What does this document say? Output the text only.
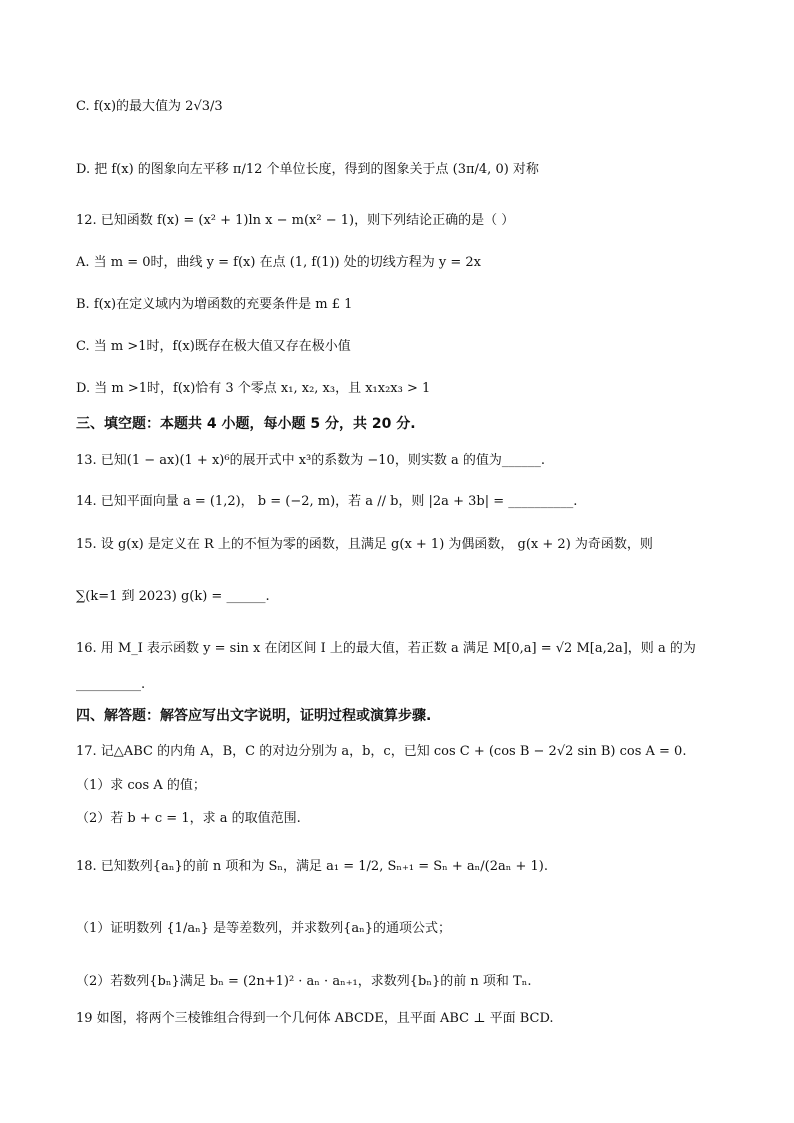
C. f(x)的最大值为 2√3/3
D. 把 f(x) 的图象向左平移 π/12 个单位长度，得到的图象关于点 (3π/4, 0) 对称
12. 已知函数 f(x) = (x² + 1)ln x − m(x² − 1)，则下列结论正确的是（ ）
A. 当 m = 0时，曲线 y = f(x) 在点 (1, f(1)) 处的切线方程为 y = 2x
B. f(x)在定义域内为增函数的充要条件是 m £ 1
C. 当 m >1时，f(x)既存在极大值又存在极小值
D. 当 m >1时，f(x)恰有 3 个零点 x₁, x₂, x₃，且 x₁x₂x₃ > 1
三、填空题：本题共 4 小题，每小题 5 分，共 20 分.
13. 已知(1 − ax)(1 + x)⁶的展开式中 x³的系数为 −10，则实数 a 的值为______.
14. 已知平面向量 a = (1,2)， b = (−2, m)，若 a // b，则 |2a + 3b| = __________.
15. 设 g(x) 是定义在 R 上的不恒为零的函数，且满足 g(x + 1) 为偶函数， g(x + 2) 为奇函数，则
∑(k=1 到 2023) g(k) = ______.
16. 用 M_I 表示函数 y = sin x 在闭区间 I 上的最大值，若正数 a 满足 M[0,a] = √2 M[a,2a]，则 a 的为
__________.
四、解答题：解答应写出文字说明，证明过程或演算步骤.
17. 记△ABC 的内角 A，B，C 的对边分别为 a，b，c，已知 cos C + (cos B − 2√2 sin B) cos A = 0.
（1）求 cos A 的值；
（2）若 b + c = 1，求 a 的取值范围.
18. 已知数列{aₙ}的前 n 项和为 Sₙ，满足 a₁ = 1/2, Sₙ₊₁ = Sₙ + aₙ/(2aₙ + 1).
（1）证明数列 {1/aₙ} 是等差数列，并求数列{aₙ}的通项公式；
（2）若数列{bₙ}满足 bₙ = (2n+1)² · aₙ · aₙ₊₁，求数列{bₙ}的前 n 项和 Tₙ.
19 如图，将两个三棱锥组合得到一个几何体 ABCDE，且平面 ABC ⊥ 平面 BCD.
